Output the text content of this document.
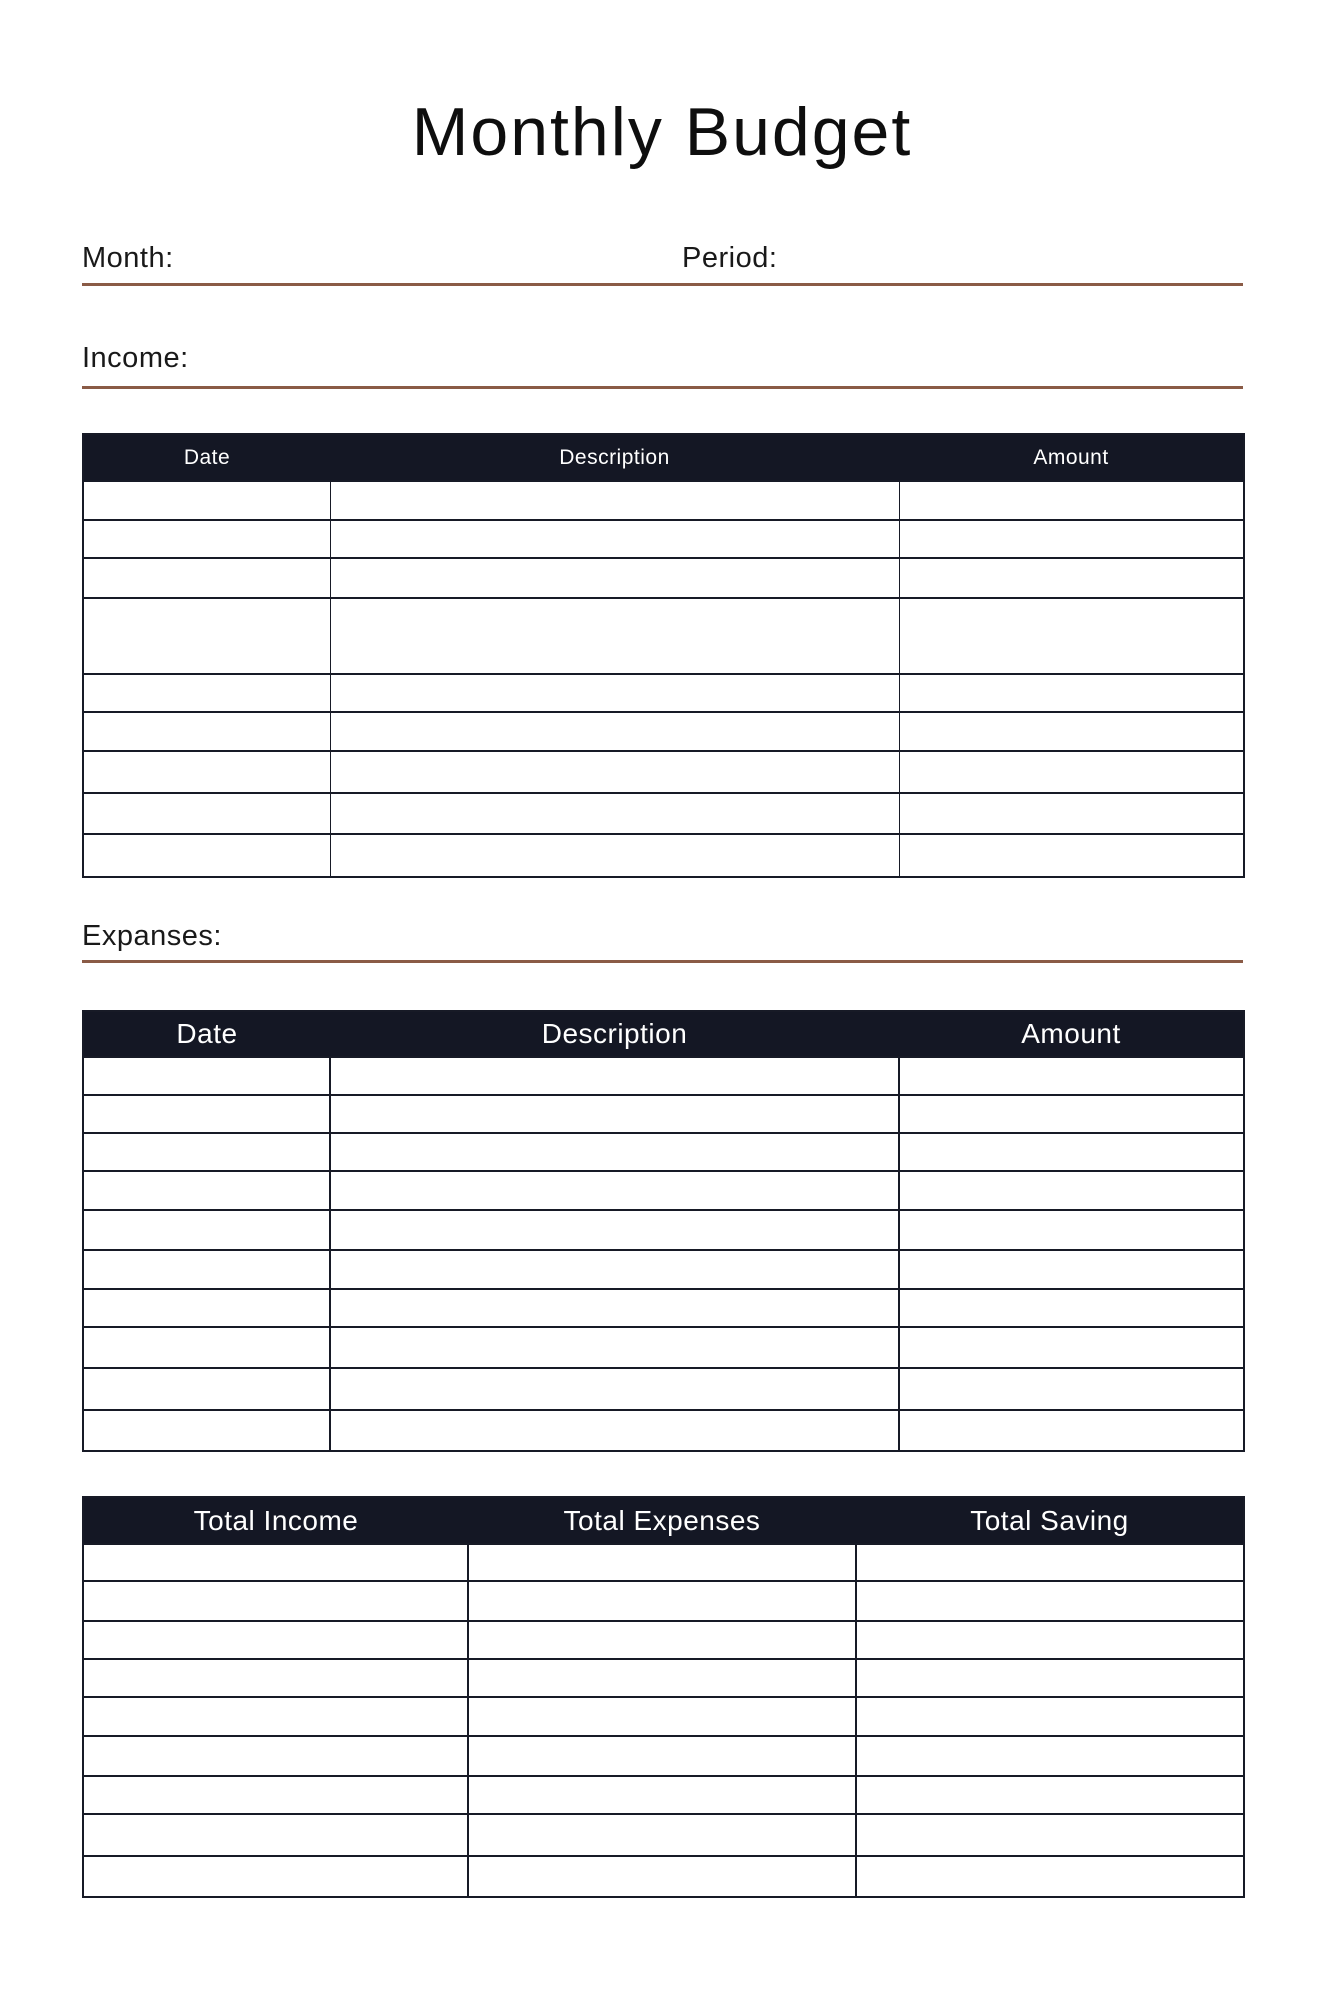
Monthly Budget
Month:	Period:
Income:
Date	Description	Amount

Expanses:
Date	Description	Amount

Total Income	Total Expenses	Total Saving
